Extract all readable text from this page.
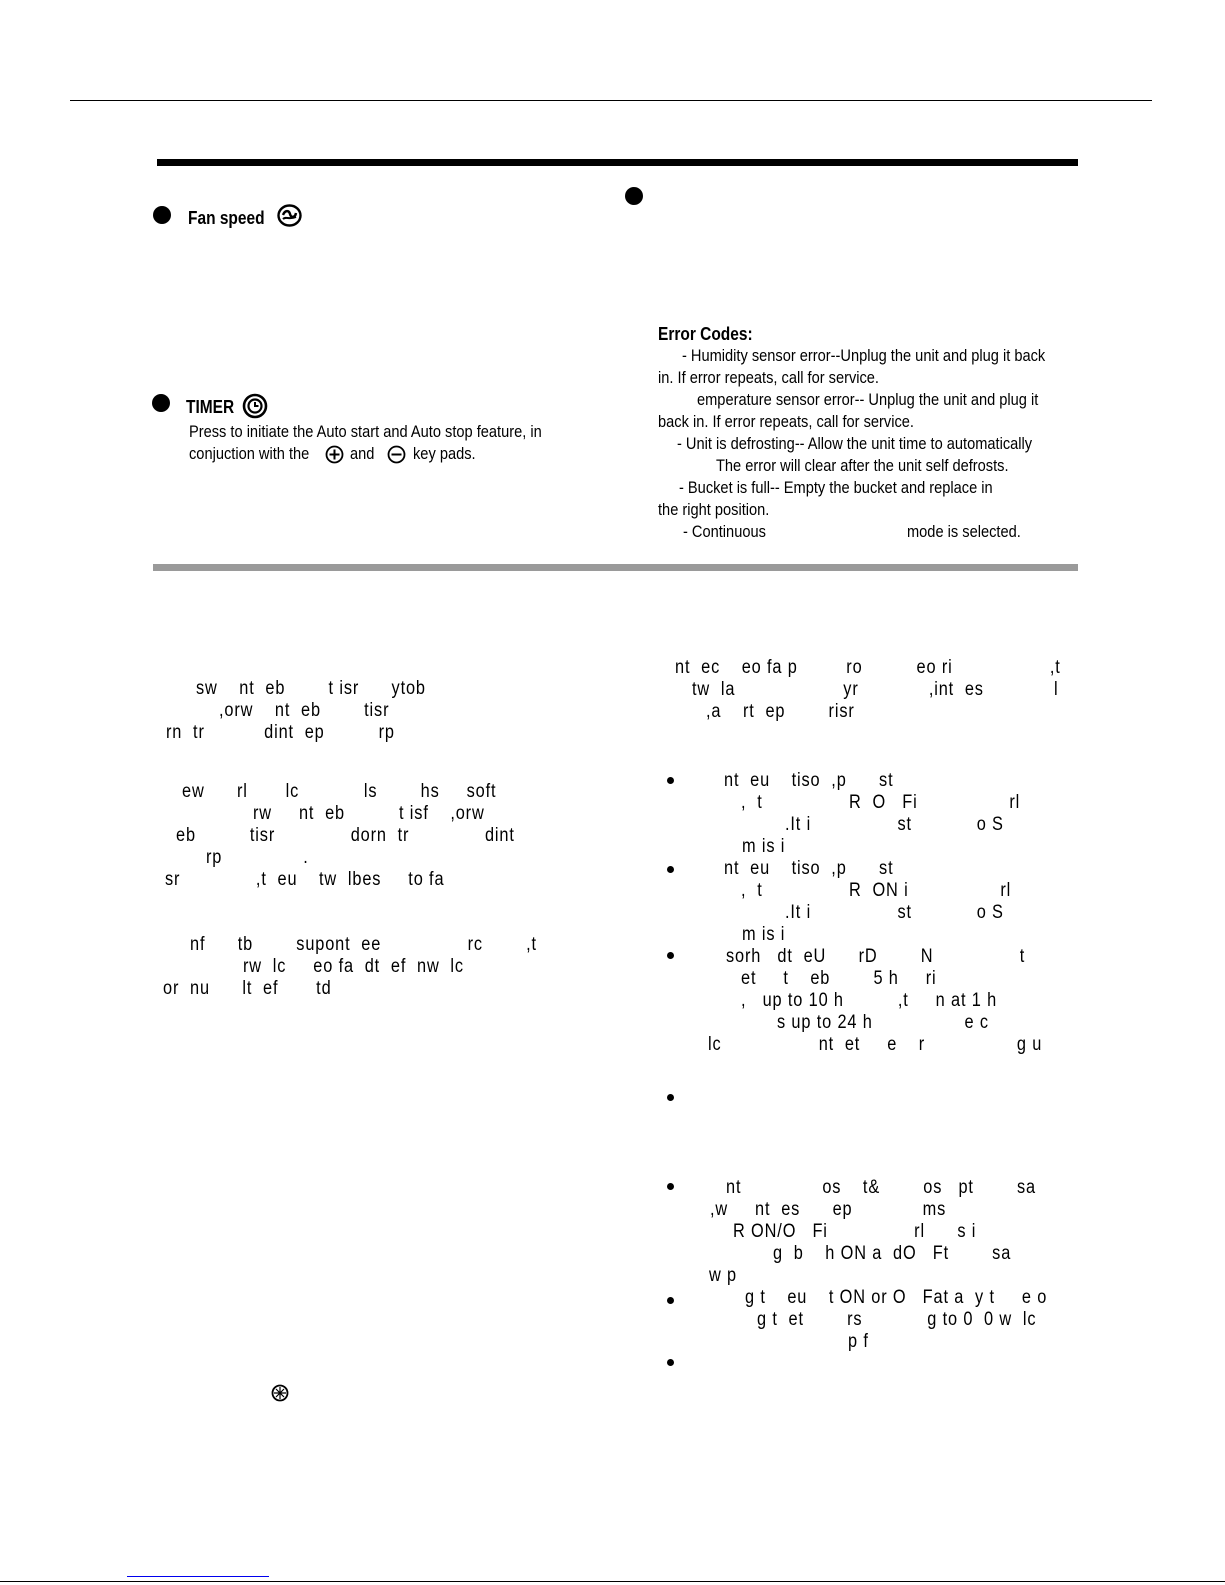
Fan speed
TIMER
Press to initiate the Auto start and Auto stop feature, in
conjuction with the and key pads.
Error Codes:
- Humidity sensor error--Unplug the unit and plug it back
in. If error repeats, call for service.
emperature sensor error-- Unplug the unit and plug it
back in. If error repeats, call for service.
- Unit is defrosting-- Allow the unit time to automatically
The error will clear after the unit self defrosts.
- Bucket is full-- Empty the bucket and replace in
the right position.
- Continuous	mode is selected.
sw    nt  eb        t isr      ytob
,orw    nt  eb        tisr
rn  tr           dint  ep          rp
ew      rl       lc            ls        hs     soft
rw     nt  eb          t isf    ,orw
eb          tisr              dorn  tr              dint
rp               .
sr              ,t  eu    tw  lbes     to fa
nf      tb        supont  ee                rc        ,t
rw  lc     eo fa  dt  ef  nw  lc
or  nu      lt  ef       td
nt  ec    eo fa p         ro          eo ri                  ,t
tw  la                    yr             ,int  es             l
,a    rt  ep        risr
nt  eu    tiso  ,p      st
,  t                R  O   Fi                 rl
.It i                st            o S
m is i
nt  eu    tiso  ,p      st
,  t                R  ON i                 rl
.It i                st            o S
m is i
sorh   dt  eU      rD        N                t
et     t    eb        5 h     ri
,   up to 10 h          ,t     n at 1 h
s up to 24 h                 e c
lc                  nt  et     e    r                 g u
nt               os    t&        os   pt        sa
,w     nt  es      ep             ms
R ON/O   Fi                rl      s i
g  b    h ON a  dO   Ft        sa
w p
g t    eu    t ON or O   Fat a  y t     e o
g t  et        rs            g to 0  0 w  lc
p f
